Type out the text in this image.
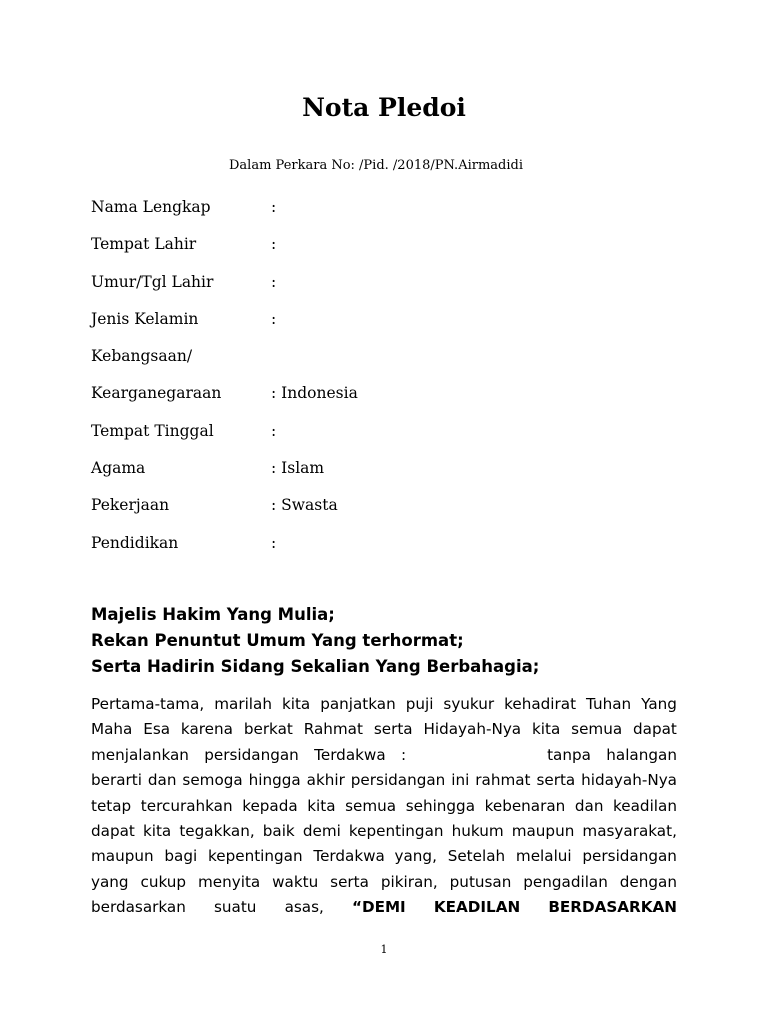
Nota Pledoi
Dalam Perkara No: /Pid. /2018/PN.Airmadidi
Nama Lengkap	:
Tempat Lahir	:
Umur/Tgl Lahir	:
Jenis Kelamin	:
Kebangsaan/
Kearganegaraan	: Indonesia
Tempat Tinggal	:
Agama	: Islam
Pekerjaan	: Swasta
Pendidikan	:
Majelis Hakim Yang Mulia;
Rekan Penuntut Umum Yang terhormat;
Serta Hadirin Sidang Sekalian Yang Berbahagia;
Pertama-tama, marilah kita panjatkan puji syukur kehadirat Tuhan Yang
Maha Esa karena berkat Rahmat serta Hidayah-Nya kita semua dapat
menjalankan persidangan Terdakwa : tanpa halangan
berarti dan semoga hingga akhir persidangan ini rahmat serta hidayah-Nya
tetap tercurahkan kepada kita semua sehingga kebenaran dan keadilan
dapat kita tegakkan, baik demi kepentingan hukum maupun masyarakat,
maupun bagi kepentingan Terdakwa  yang, Setelah melalui persidangan
yang cukup menyita waktu serta pikiran, putusan pengadilan dengan
berdasarkan suatu asas, “DEMI KEADILAN BERDASARKAN
1
